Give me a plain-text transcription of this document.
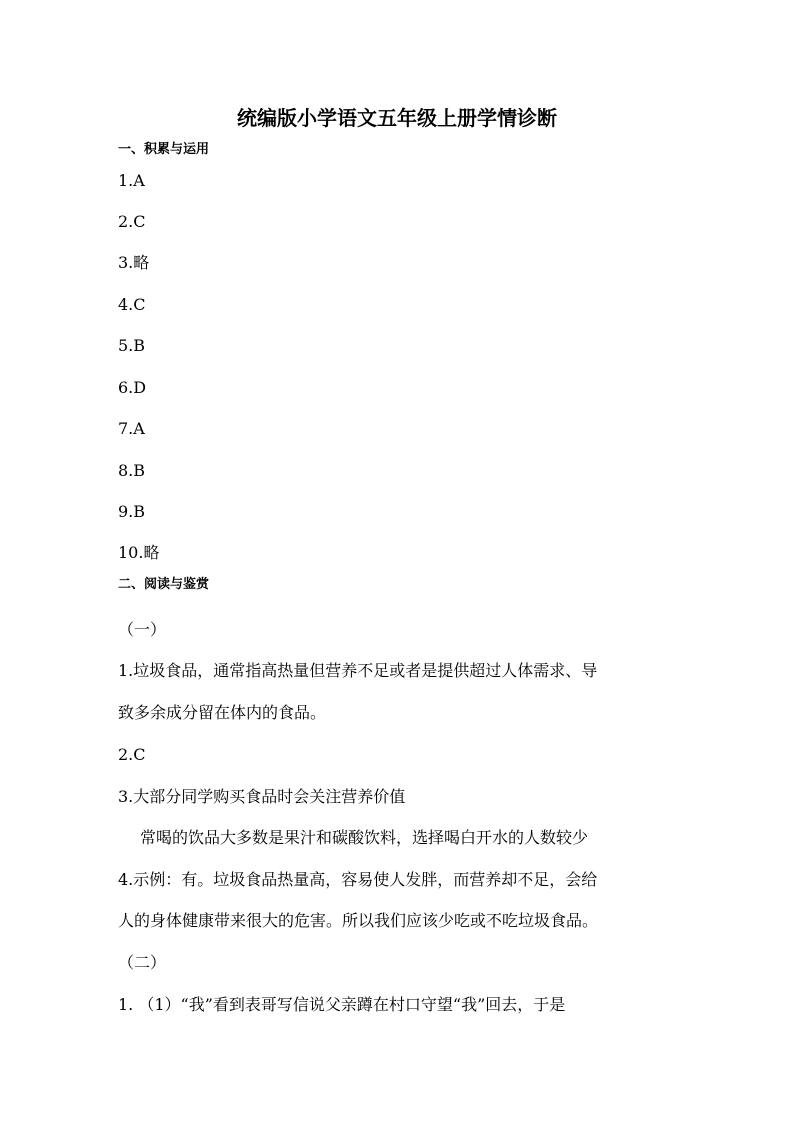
统编版小学语文五年级上册学情诊断
一、积累与运用
1.A
2.C
3.略
4.C
5.B
6.D
7.A
8.B
9.B
10.略
二、阅读与鉴赏
（一）
1.垃圾食品，通常指高热量但营养不足或者是提供超过人体需求、导
致多余成分留在体内的食品。
2.C
3.大部分同学购买食品时会关注营养价值
常喝的饮品大多数是果汁和碳酸饮料，选择喝白开水的人数较少
4.示例：有。垃圾食品热量高，容易使人发胖，而营养却不足，会给
人的身体健康带来很大的危害。所以我们应该少吃或不吃垃圾食品。
（二）
1. （1）“我”看到表哥写信说父亲蹲在村口守望“我”回去，于是
